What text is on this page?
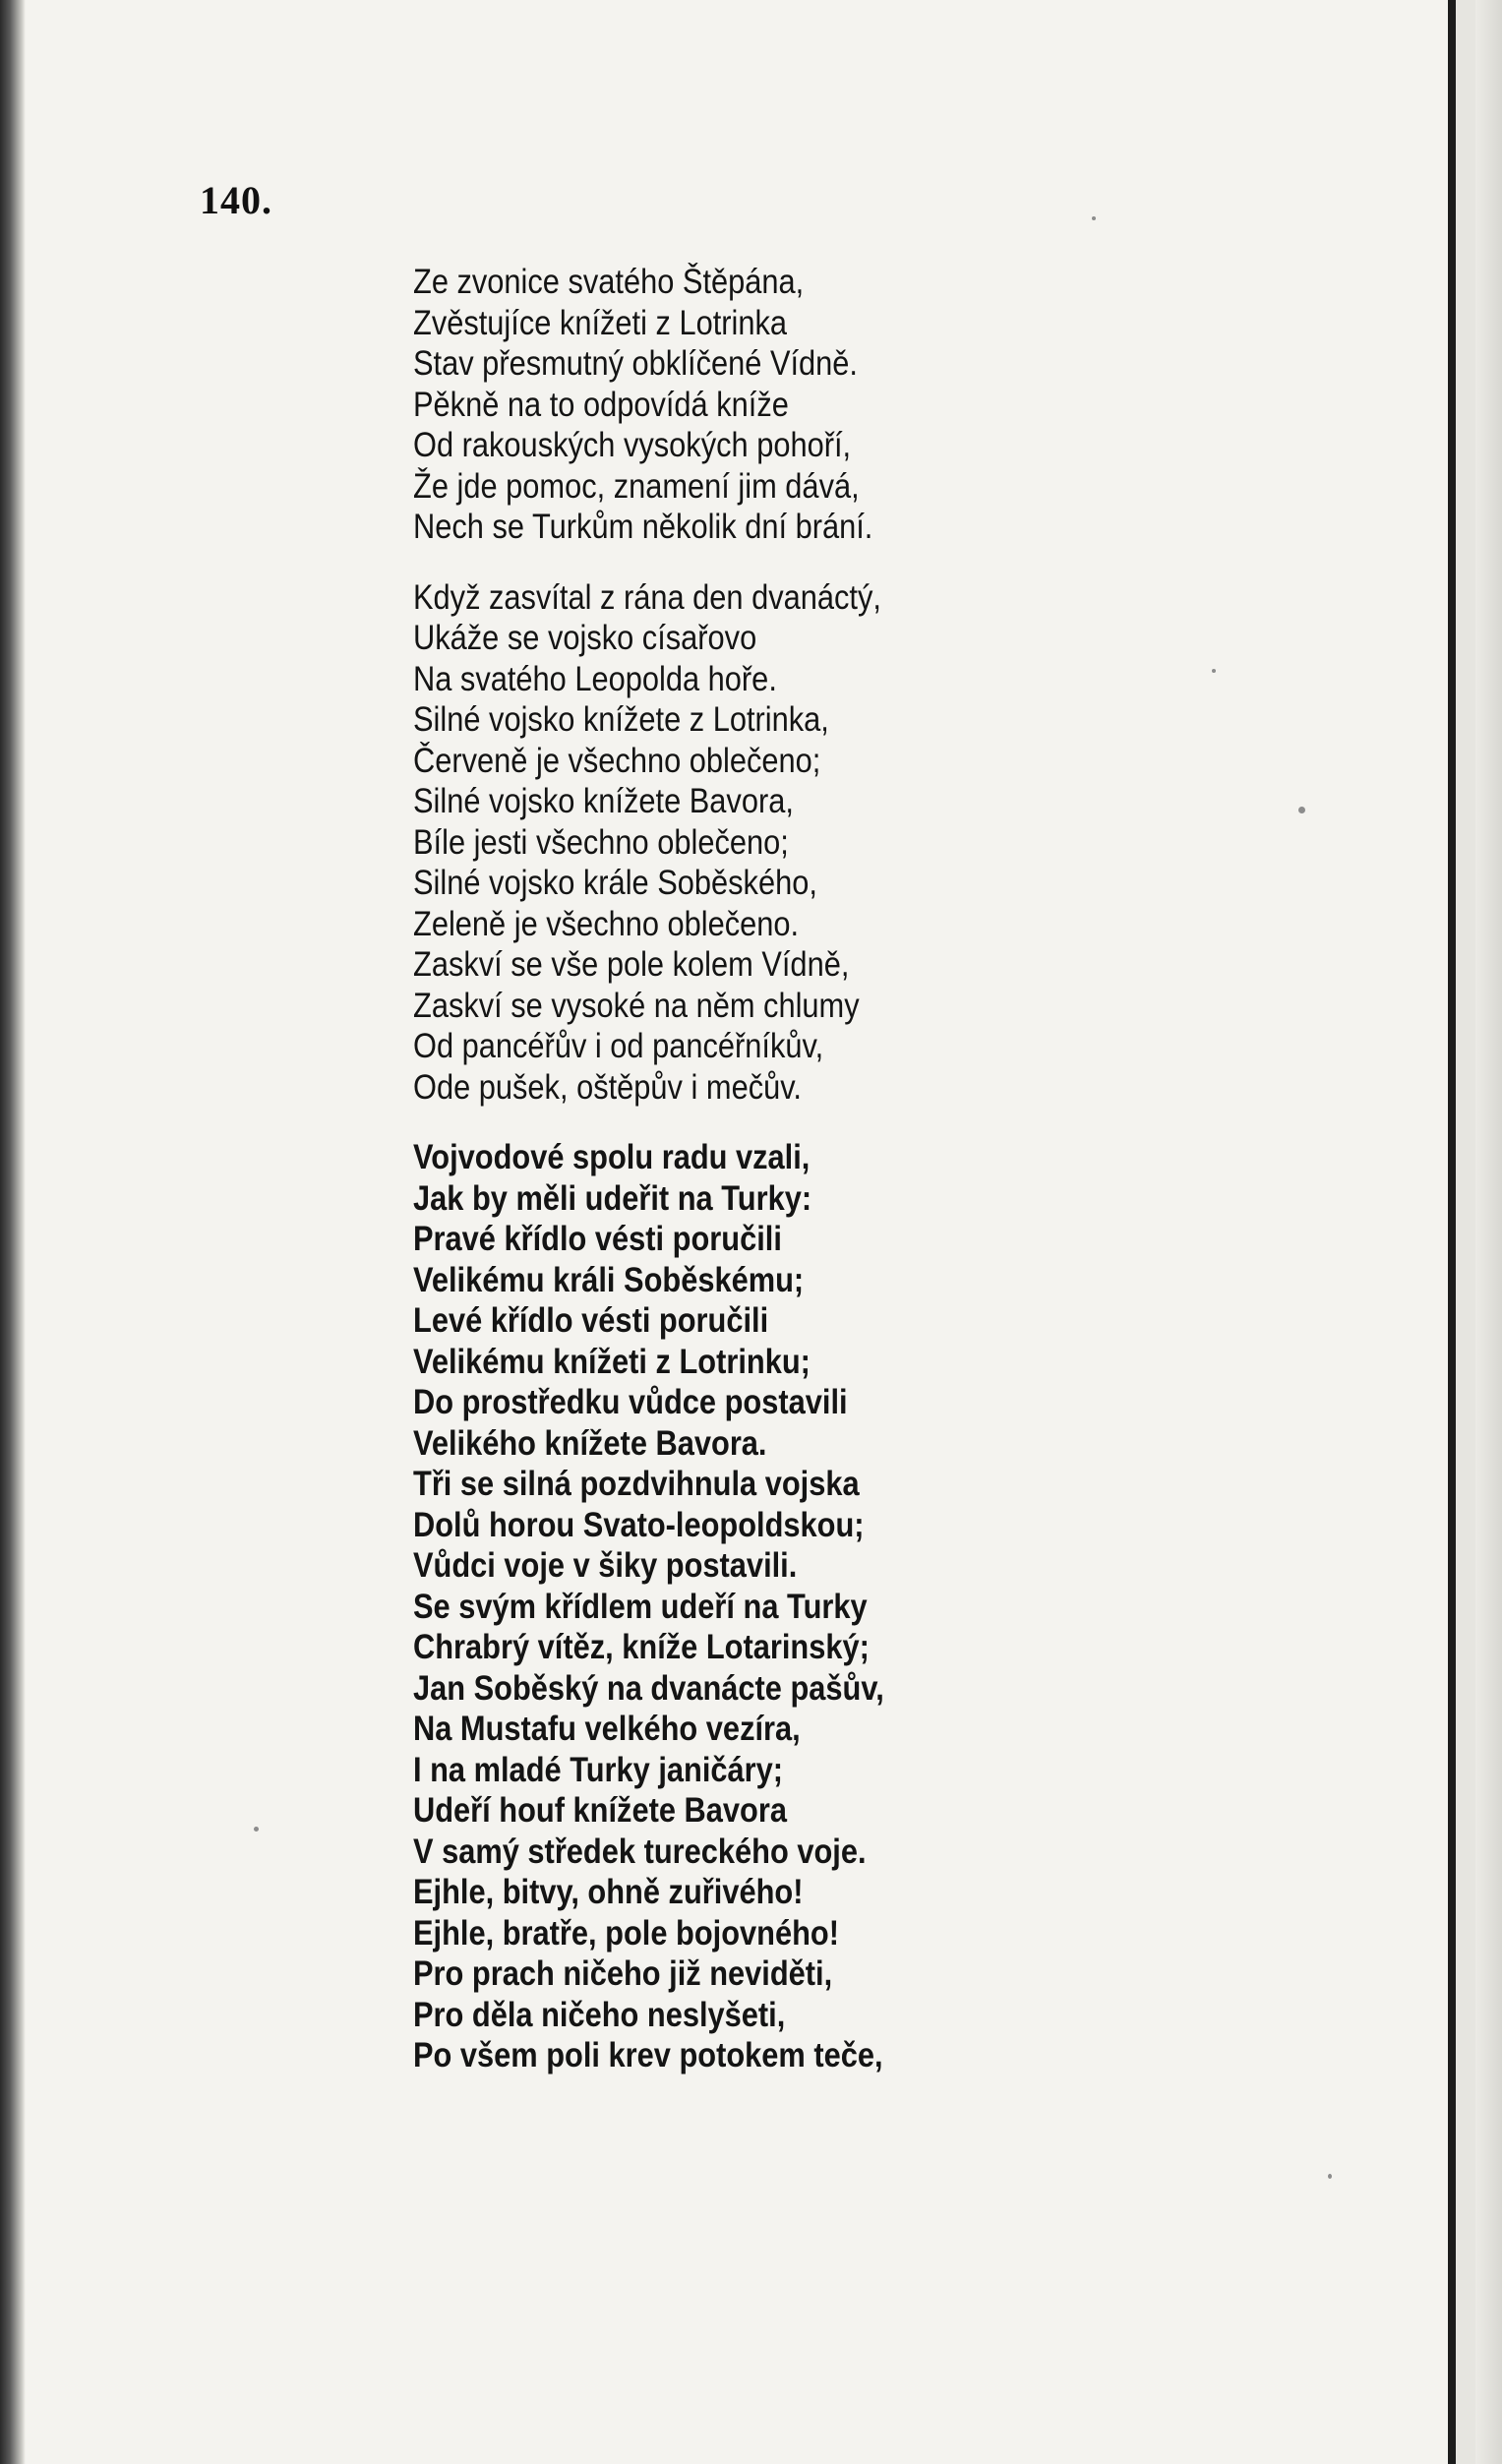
140.
Ze zvonice svatého Štěpána,
Zvěstujíce knížeti z Lotrinka
Stav přesmutný obklíčené Vídně.
Pěkně na to odpovídá kníže
Od rakouských vysokých pohoří,
Že jde pomoc, znamení jim dává,
Nech se Turkům několik dní brání.
Když zasvítal z rána den dvanáctý,
Ukáže se vojsko císařovo
Na svatého Leopolda hoře.
Silné vojsko knížete z Lotrinka,
Červeně je všechno oblečeno;
Silné vojsko knížete Bavora,
Bíle jesti všechno oblečeno;
Silné vojsko krále Soběského,
Zeleně je všechno oblečeno.
Zaskví se vše pole kolem Vídně,
Zaskví se vysoké na něm chlumy
Od pancéřův i od pancéřníkův,
Ode pušek, oštěpův i mečův.
Vojvodové spolu radu vzali,
Jak by měli udeřit na Turky:
Pravé křídlo vésti poručili
Velikému králi Soběskému;
Levé křídlo vésti poručili
Velikému knížeti z Lotrinku;
Do prostředku vůdce postavili
Velikého knížete Bavora.
Tři se silná pozdvihnula vojska
Dolů horou Svato-leopoldskou;
Vůdci voje v šiky postavili.
Se svým křídlem udeří na Turky
Chrabrý vítěz, kníže Lotarinský;
Jan Soběský na dvanácte pašův,
Na Mustafu velkého vezíra,
I na mladé Turky janičáry;
Udeří houf knížete Bavora
V samý středek tureckého voje.
Ejhle, bitvy, ohně zuřivého!
Ejhle, bratře, pole bojovného!
Pro prach ničeho již neviděti,
Pro děla ničeho neslyšeti,
Po všem poli krev potokem teče,
